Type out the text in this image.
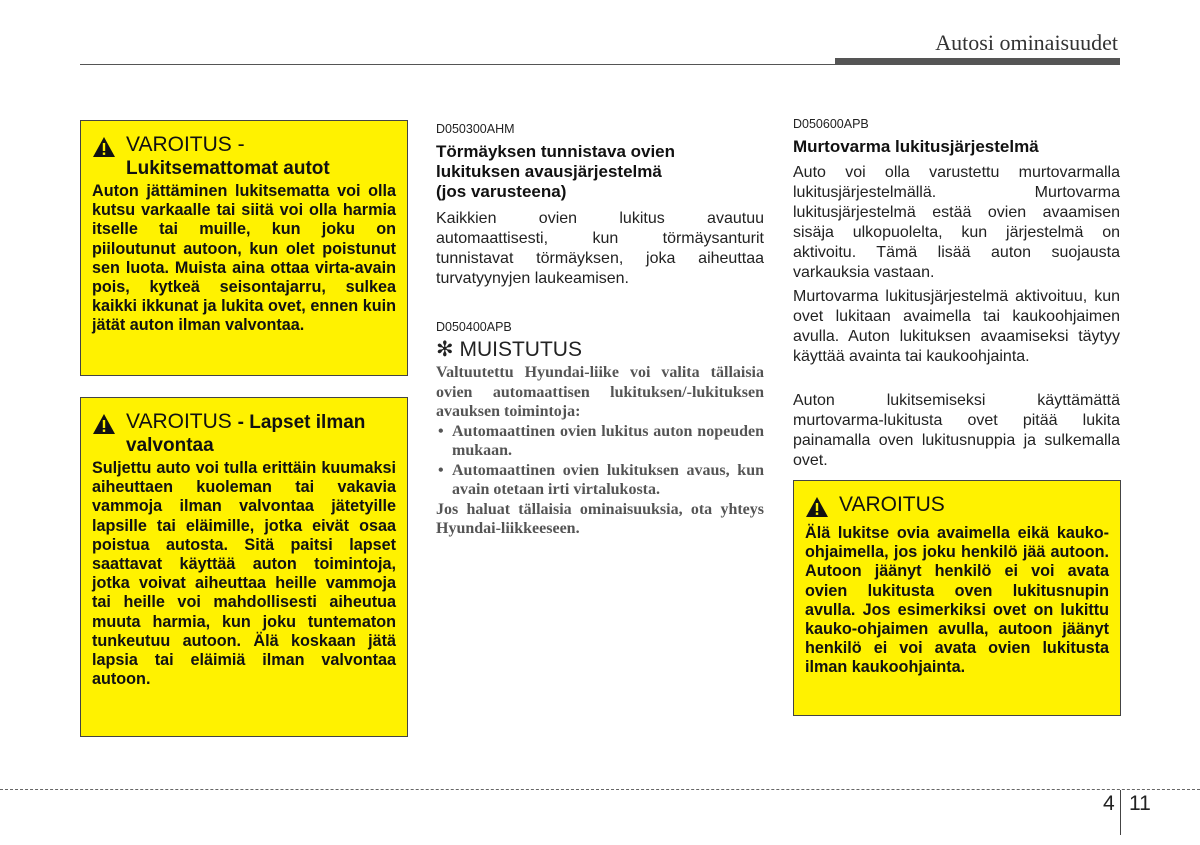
Autosi ominaisuudet
VAROITUS -
Lukitsemattomat autot
Auton jättäminen lukitsematta voi olla kutsu varkaalle tai siitä voi olla harmia itselle tai muille, kun joku on piiloutunut autoon, kun olet poistunut sen luota. Muista aina ottaa virta-avain pois, kytkeä seisontajarru, sulkea kaikki ikkunat ja lukita ovet, ennen kuin jätät auton ilman valvontaa.
VAROITUS - Lapset ilman
valvontaa
Suljettu auto voi tulla erittäin kuumaksi aiheuttaen kuoleman tai vakavia vammoja ilman valvontaa jätetyille lapsille tai eläimille, jotka eivät osaa poistua autosta. Sitä paitsi lapset saattavat käyttää auton toimintoja, jotka voivat aiheuttaa heille vammoja tai heille voi mahdollisesti aiheutua muuta harmia, kun joku tuntematon tunkeutuu autoon. Älä koskaan jätä lapsia tai eläimiä ilman valvontaa autoon.
D050300AHM
Törmäyksen tunnistava ovien
lukituksen avausjärjestelmä
(jos varusteena)
Kaikkien ovien lukitus avautuu automaattisesti, kun törmäysanturit tunnistavat törmäyksen, joka aiheuttaa turvatyynyjen laukeamisen.
D050400APB
✻ MUISTUTUS
Valtuutettu Hyundai-liike voi valita tällaisia ovien automaattisen lukituksen/-lukituksen avauksen toimintoja:
• Automaattinen ovien lukitus auton nopeuden mukaan.
• Automaattinen ovien lukituksen avaus, kun avain otetaan irti virtalukosta.
Jos haluat tällaisia ominaisuuksia, ota yhteys Hyundai-liikkeeseen.
D050600APB
Murtovarma lukitusjärjestelmä
Auto voi olla varustettu murtovarmalla lukitusjärjestelmällä. Murtovarma lukitusjärjestelmä estää ovien avaamisen sisäja ulkopuolelta, kun järjestelmä on aktivoitu. Tämä lisää auton suojausta varkauksia vastaan.
Murtovarma lukitusjärjestelmä aktivoituu, kun ovet lukitaan avaimella tai kaukoohjaimen avulla. Auton lukituksen avaamiseksi täytyy käyttää avainta tai kaukoohjainta.
Auton lukitsemiseksi käyttämättä murtovarma-lukitusta ovet pitää lukita painamalla oven lukitusnuppia ja sulkemalla ovet.
VAROITUS
Älä lukitse ovia avaimella eikä kauko-ohjaimella, jos joku henkilö jää autoon. Autoon jäänyt henkilö ei voi avata ovien lukitusta oven lukitusnupin avulla. Jos esimerkiksi ovet on lukittu kauko-ohjaimen avulla, autoon jäänyt henkilö ei voi avata ovien lukitusta ilman kaukoohjainta.
4 11
